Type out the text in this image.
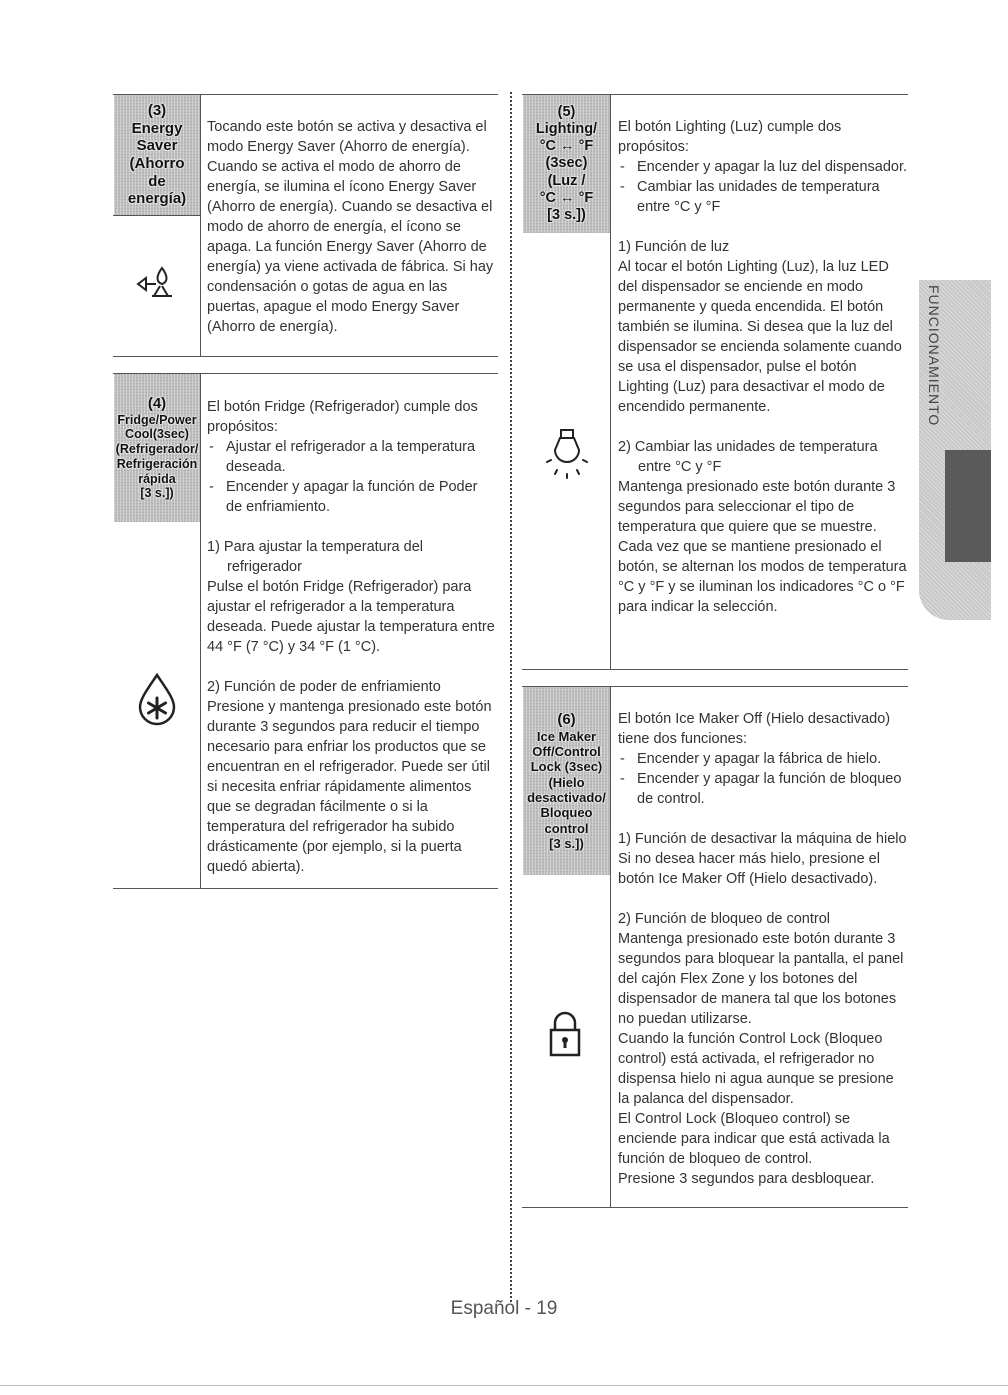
(3)
Energy
Saver
(Ahorro
de
energía)

Tocando este botón se activa y desactiva el modo Energy Saver (Ahorro de energía). Cuando se activa el modo de ahorro de energía, se ilumina el ícono Energy Saver (Ahorro de energía). Cuando se desactiva el modo de ahorro de energía, el ícono se apaga. La función Energy Saver (Ahorro de energía) ya viene activada de fábrica. Si hay condensación o gotas de agua en las puertas, apague el modo Energy Saver (Ahorro de energía).

(4)
Fridge/Power
Cool(3sec)
(Refrigerador/
Refrigeración
rápida
[3 s.])

El botón Fridge (Refrigerador) cumple dos propósitos:

- Ajustar el refrigerador a la temperatura deseada.
- Encender y apagar la función de Poder de enfriamiento.

1) Para ajustar la temperatura del refrigerador

Pulse el botón Fridge (Refrigerador) para ajustar el refrigerador a la temperatura deseada. Puede ajustar la temperatura entre 44 °F (7 °C) y 34 °F (1 °C).

2) Función de poder de enfriamiento

Presione y mantenga presionado este botón durante 3 segundos para reducir el tiempo necesario para enfriar los productos que se encuentran en el refrigerador. Puede ser útil si necesita enfriar rápidamente alimentos que se degradan fácilmente o si la temperatura del refrigerador ha subido drásticamente (por ejemplo, si la puerta quedó abierta).

(5)
Lighting/
°C ↔ °F
(3sec)
(Luz /
°C ↔ °F
[3 s.])

El botón Lighting (Luz) cumple dos propósitos:

- Encender y apagar la luz del dispensador.
- Cambiar las unidades de temperatura entre °C y °F

1) Función de luz

Al tocar el botón Lighting (Luz), la luz LED del dispensador se enciende en modo permanente y queda encendida. El botón también se ilumina. Si desea que la luz del dispensador se encienda solamente cuando se usa el dispensador, pulse el botón Lighting (Luz) para desactivar el modo de encendido permanente.

2) Cambiar las unidades de temperatura entre °C y °F

Mantenga presionado este botón durante 3 segundos para seleccionar el tipo de temperatura que quiere que se muestre. Cada vez que se mantiene presionado el botón, se alternan los modos de temperatura °C y °F y se iluminan los indicadores °C o °F para indicar la selección.

(6)
Ice Maker
Off/Control
Lock (3sec)
(Hielo
desactivado/
Bloqueo
control
[3 s.])

El botón Ice Maker Off (Hielo desactivado) tiene dos funciones:

- Encender y apagar la fábrica de hielo.
- Encender y apagar la función de bloqueo de control.

1) Función de desactivar la máquina de hielo

Si no desea hacer más hielo, presione el botón Ice Maker Off (Hielo desactivado).

2) Función de bloqueo de control

Mantenga presionado este botón durante 3 segundos para bloquear la pantalla, el panel del cajón Flex Zone y los botones del dispensador de manera tal que los botones no puedan utilizarse.

Cuando la función Control Lock (Bloqueo control) está activada, el refrigerador no dispensa hielo ni agua aunque se presione la palanca del dispensador.

El Control Lock (Bloqueo control) se enciende para indicar que está activada la función de bloqueo de control.

Presione 3 segundos para desbloquear.

FUNCIONAMIENTO
Español - 19
